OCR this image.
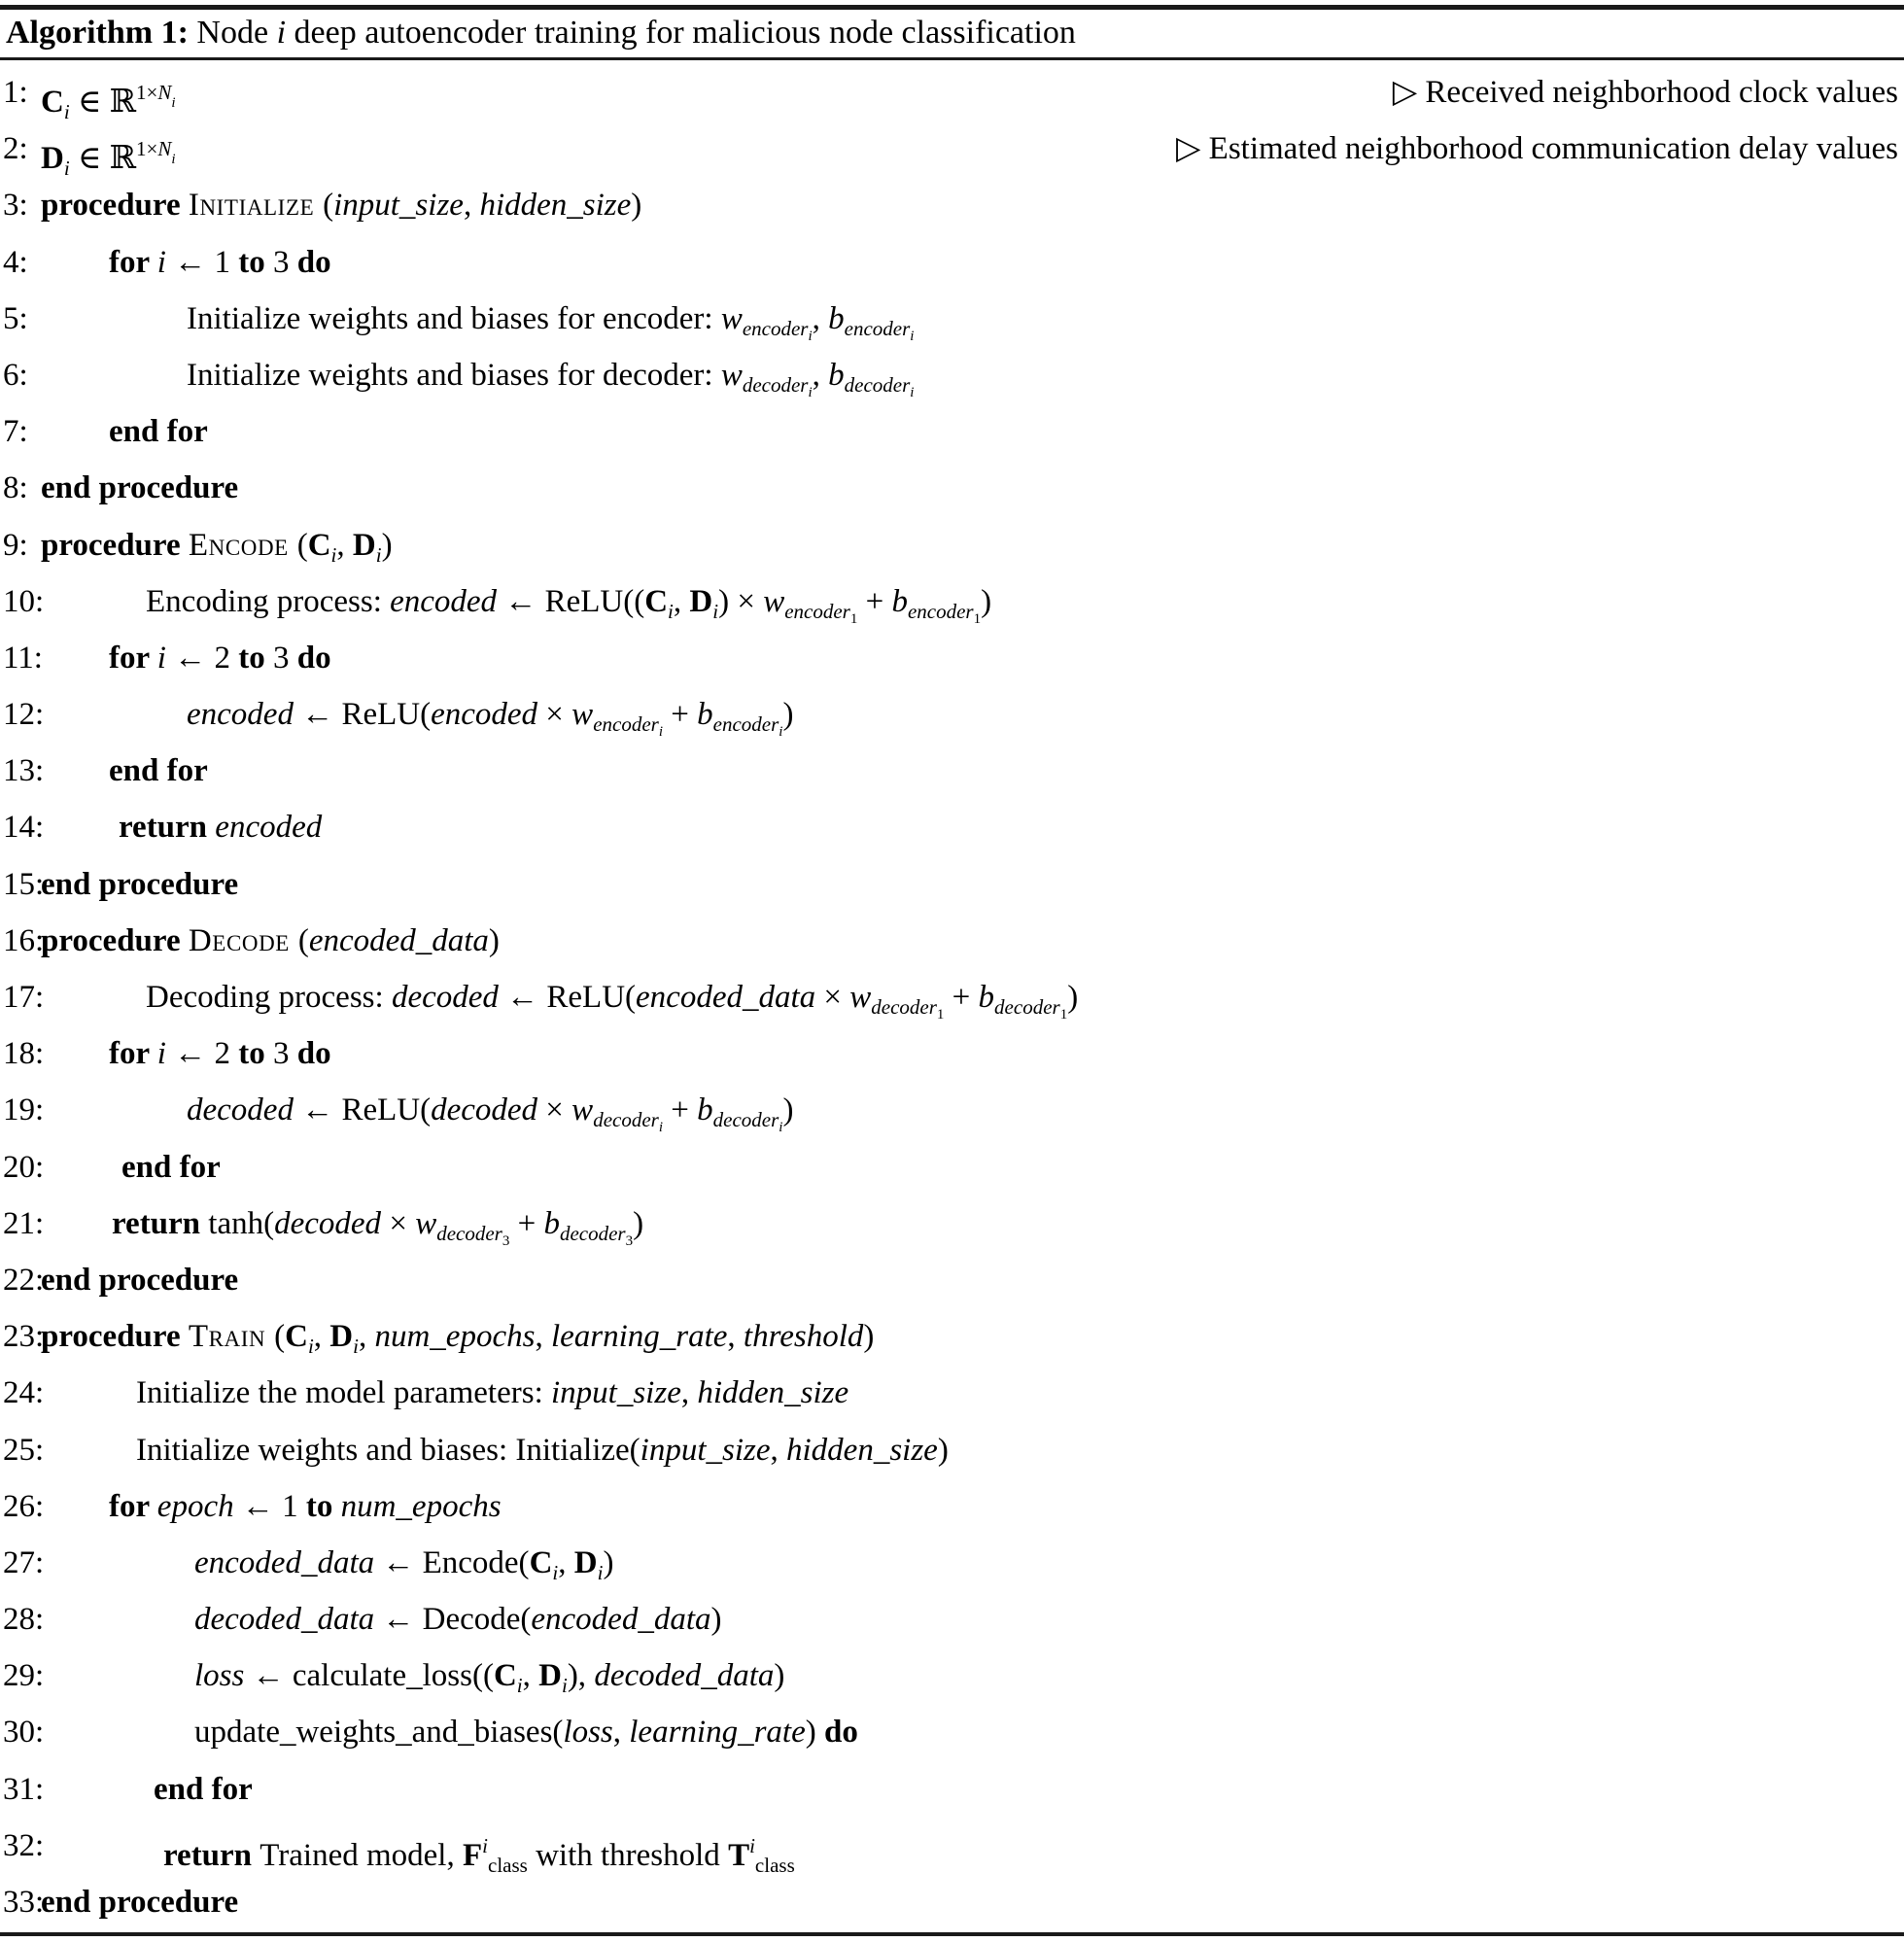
Algorithm 1: Node i deep autoencoder training for malicious node classification
1: $C_i$ ∈ ℝ$^{1\times N}$i	▷ Received neighborhood clock values
2: $D_i$ ∈ ℝ$^{1\times N}$i	▷ Estimated neighborhood communication delay values
3: procedure Initialize (input_size, hidden_size)
4:	for i ← 1 to 3 do
5:	Initialize weights and biases for encoder: $w_{encoderi}$, $b_{encoderi}$
6:	Initialize weights and biases for decoder: $w_{decoderi}$, $b_{decoderi}$
7:	end for
8: end procedure
9: procedure Encode ($C_i$, $D_i$)
10:	Encoding process: encoded ← $ReLU((C_i$, $D_i) \times w_{encoder1} + b_{encoder1}$)
11: for i ← 2 to 3 do
12:	encoded ← ReLU(encoded × $w_{encoderi} + b_{encoderi}$)
13: end for
14: return encoded
15:
end procedure
16:
procedure Decode (encoded_data)
17:	Decoding process: decoded ← ReLU(encoded_data × $w_{decoder1} + b_{decoder1}$)
18: for i ← 2 to 3 do
19:	decoded ← ReLU(decoded × $w_{decoderi} + b_{decoderi}$)
20: end for
21: return tanh(decoded × $w_{decoder3} + b_{decoder3}$)
22:
end procedure
23:
procedure Train ($C_i$, $D_i$, num_epochs, learning_rate, threshold)
24:	Initialize the model parameters: input_size, hidden_size
25:	Initialize weights and biases: Initialize(input_size, hidden_size)
26: for epoch ← 1 to num_epochs
27:	encoded_data ← $Encode(C_i$, $D_i$)
28:	decoded_data ← Decode(encoded_data)
29:	loss ← $calculate\_loss((C_i$, $D_i$), decoded_data)
30:	update_weights_and_biases(loss, learning_rate) do
31:	end for
32:	return Trained model, $F^i_{class}$ with threshold $T^i_{class}$
33:
end procedure
